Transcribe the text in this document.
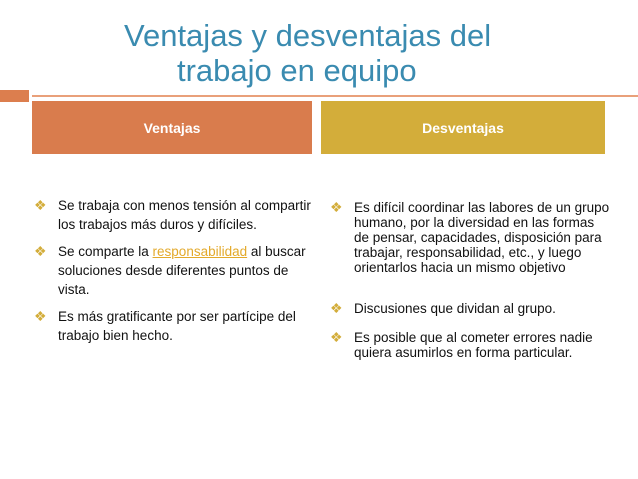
Ventajas y desventajas del
trabajo en equipo
Ventajas	Desventajas
❖ Se trabaja con menos tensión al compartir los trabajos más duros y difíciles.
❖ Se comparte la responsabilidad al buscar soluciones desde diferentes puntos de vista.
❖ Es más gratificante por ser partícipe del trabajo bien hecho.
❖ Es difícil coordinar las labores de un grupo humano, por la diversidad en las formas de pensar, capacidades, disposición para trabajar, responsabilidad, etc., y luego orientarlos hacia un mismo objetivo
❖ Discusiones que dividan al grupo.
❖ Es posible que al cometer errores nadie quiera asumirlos en forma particular.
